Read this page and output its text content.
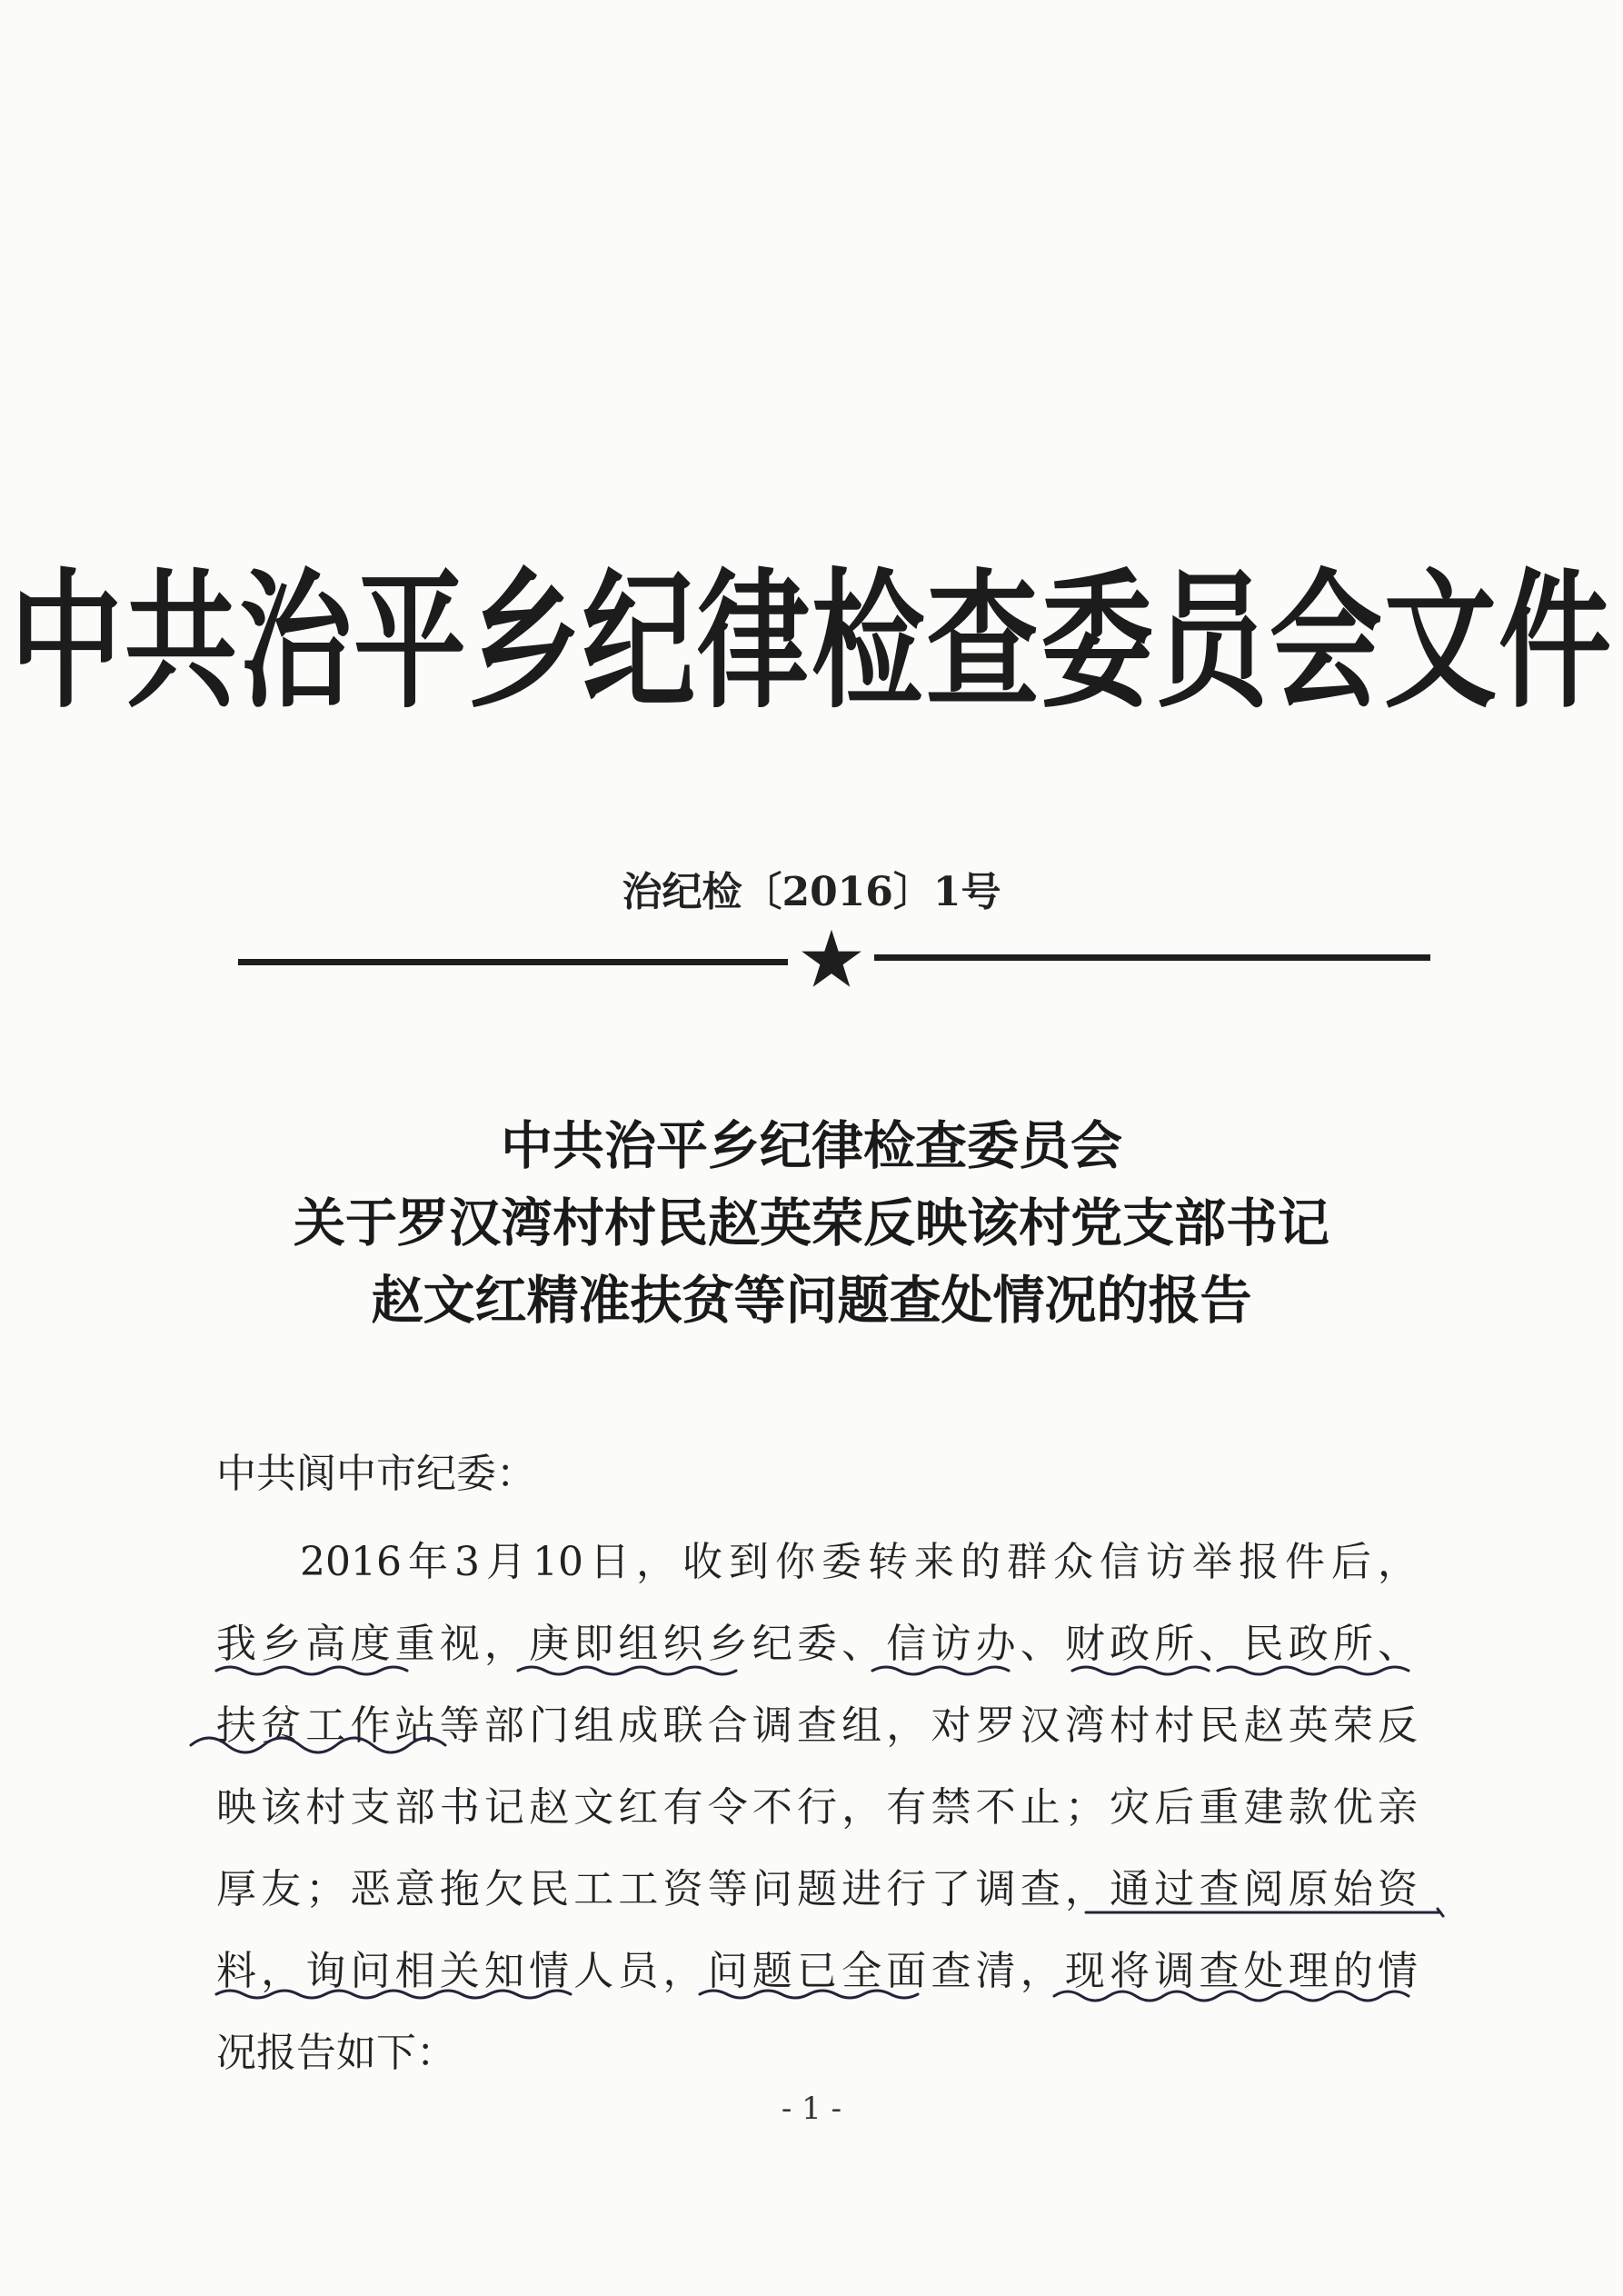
中共治平乡纪律检查委员会文件
治纪检〔2016〕1号
中共治平乡纪律检查委员会
关于罗汉湾村村民赵英荣反映该村党支部书记
赵文红精准扶贫等问题查处情况的报告
中共阆中市纪委：
2016年3月10日，收到你委转来的群众信访举报件后，
我乡高度重视，庚即组织乡纪委、信访办、财政所、民政所、
扶贫工作站等部门组成联合调查组，对罗汉湾村村民赵英荣反
映该村支部书记赵文红有令不行，有禁不止；灾后重建款优亲
厚友；恶意拖欠民工工资等问题进行了调查，通过查阅原始资
料，询问相关知情人员，问题已全面查清，现将调查处理的情
况报告如下：
- 1 -
